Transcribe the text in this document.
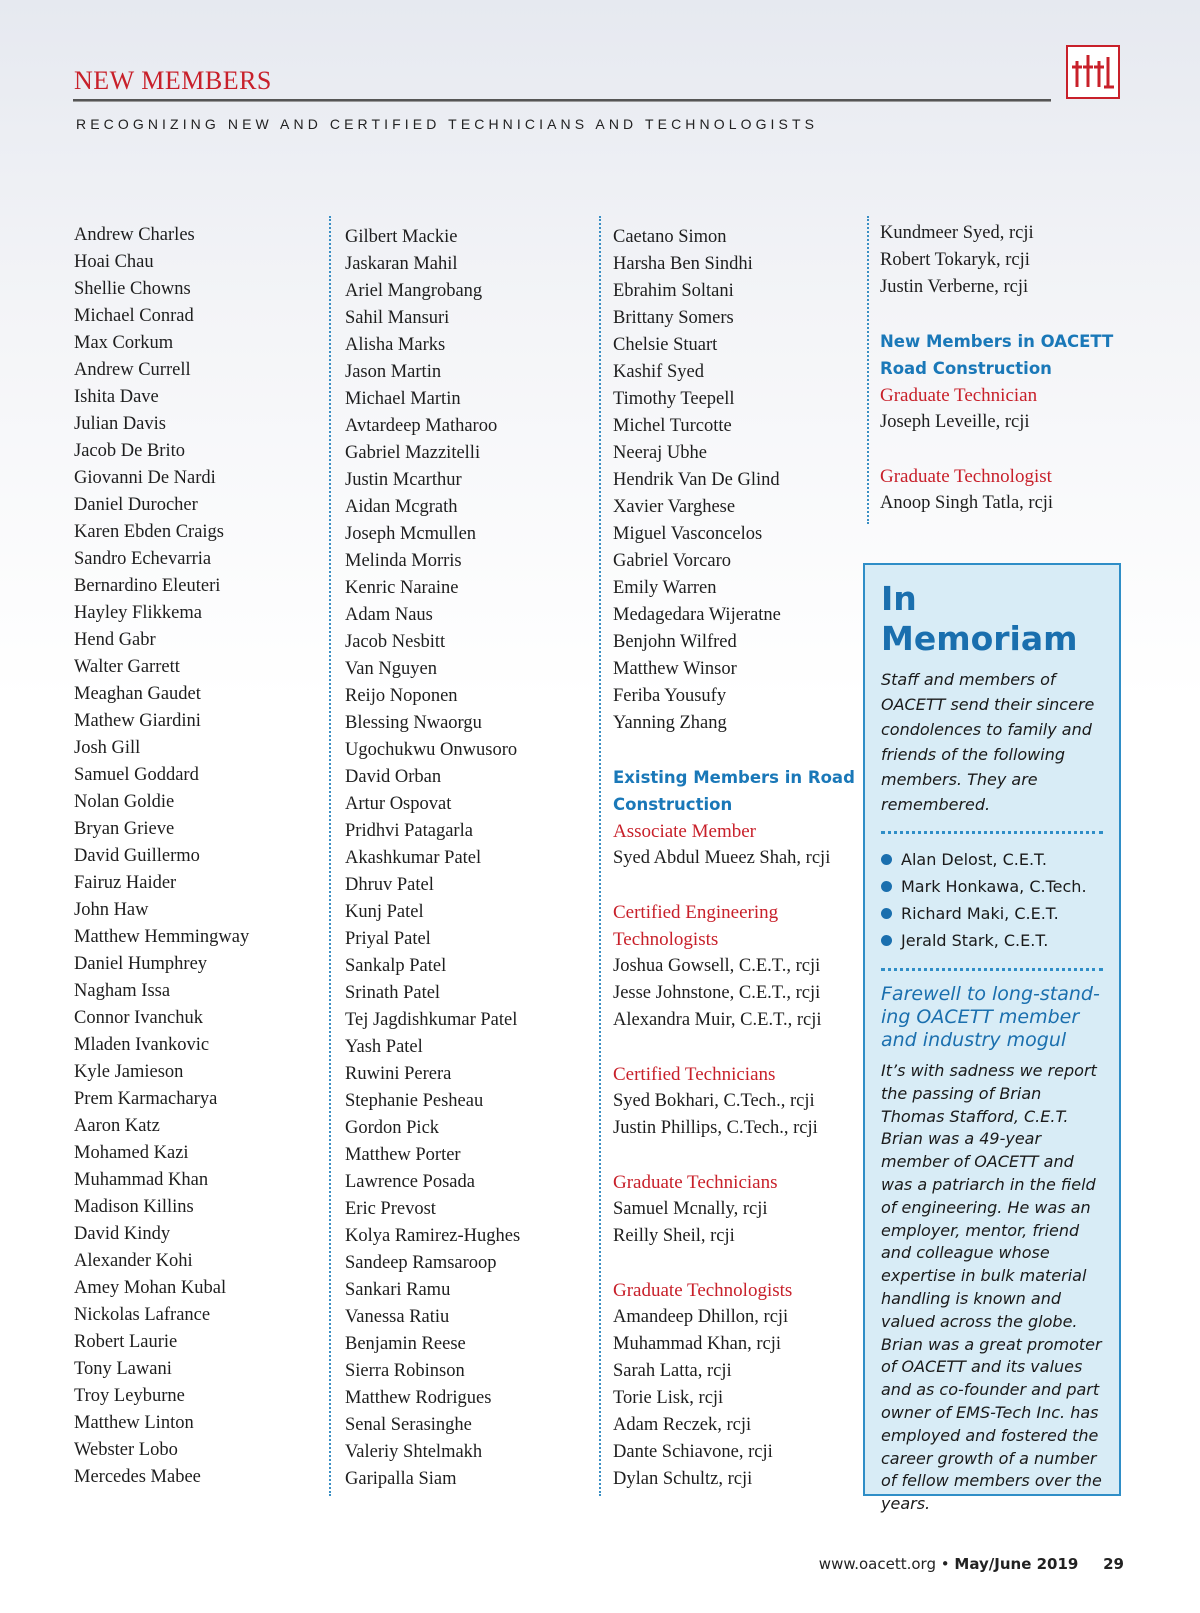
NEW MEMBERS
RECOGNIZING NEW AND CERTIFIED TECHNICIANS AND TECHNOLOGISTS
Andrew Charles
Hoai Chau
Shellie Chowns
Michael Conrad
Max Corkum
Andrew Currell
Ishita Dave
Julian Davis
Jacob De Brito
Giovanni De Nardi
Daniel Durocher
Karen Ebden Craigs
Sandro Echevarria
Bernardino Eleuteri
Hayley Flikkema
Hend Gabr
Walter Garrett
Meaghan Gaudet
Mathew Giardini
Josh Gill
Samuel Goddard
Nolan Goldie
Bryan Grieve
David Guillermo
Fairuz Haider
John Haw
Matthew Hemmingway
Daniel Humphrey
Nagham Issa
Connor Ivanchuk
Mladen Ivankovic
Kyle Jamieson
Prem Karmacharya
Aaron Katz
Mohamed Kazi
Muhammad Khan
Madison Killins
David Kindy
Alexander Kohi
Amey Mohan Kubal
Nickolas Lafrance
Robert Laurie
Tony Lawani
Troy Leyburne
Matthew Linton
Webster Lobo
Mercedes Mabee
Gilbert Mackie
Jaskaran Mahil
Ariel Mangrobang
Sahil Mansuri
Alisha Marks
Jason Martin
Michael Martin
Avtardeep Matharoo
Gabriel Mazzitelli
Justin Mcarthur
Aidan Mcgrath
Joseph Mcmullen
Melinda Morris
Kenric Naraine
Adam Naus
Jacob Nesbitt
Van Nguyen
Reijo Noponen
Blessing Nwaorgu
Ugochukwu Onwusoro
David Orban
Artur Ospovat
Pridhvi Patagarla
Akashkumar Patel
Dhruv Patel
Kunj Patel
Priyal Patel
Sankalp Patel
Srinath Patel
Tej Jagdishkumar Patel
Yash Patel
Ruwini Perera
Stephanie Pesheau
Gordon Pick
Matthew Porter
Lawrence Posada
Eric Prevost
Kolya Ramirez-Hughes
Sandeep Ramsaroop
Sankari Ramu
Vanessa Ratiu
Benjamin Reese
Sierra Robinson
Matthew Rodrigues
Senal Serasinghe
Valeriy Shtelmakh
Garipalla Siam
Caetano Simon
Harsha Ben Sindhi
Ebrahim Soltani
Brittany Somers
Chelsie Stuart
Kashif Syed
Timothy Teepell
Michel Turcotte
Neeraj Ubhe
Hendrik Van De Glind
Xavier Varghese
Miguel Vasconcelos
Gabriel Vorcaro
Emily Warren
Medagedara Wijeratne
Benjohn Wilfred
Matthew Winsor
Feriba Yousufy
Yanning Zhang
Existing Members in Road
Construction
Associate Member
Syed Abdul Mueez Shah, rcji
Certified Engineering
Technologists
Joshua Gowsell, C.E.T., rcji
Jesse Johnstone, C.E.T., rcji
Alexandra Muir, C.E.T., rcji
Certified Technicians
Syed Bokhari, C.Tech., rcji
Justin Phillips, C.Tech., rcji
Graduate Technicians
Samuel Mcnally, rcji
Reilly Sheil, rcji
Graduate Technologists
Amandeep Dhillon, rcji
Muhammad Khan, rcji
Sarah Latta, rcji
Torie Lisk, rcji
Adam Reczek, rcji
Dante Schiavone, rcji
Dylan Schultz, rcji
Kundmeer Syed, rcji
Robert Tokaryk, rcji
Justin Verberne, rcji
New Members in OACETT
Road Construction
Graduate Technician
Joseph Leveille, rcji
Graduate Technologist
Anoop Singh Tatla, rcji
In Memoriam

Staff and members of OACETT send their sincere condolences to family and friends of the following members. They are remembered.

Alan Delost, C.E.T.
Mark Honkawa, C.Tech.
Richard Maki, C.E.T.
Jerald Stark, C.E.T.

Farewell to long-stand-ing OACETT member and industry mogul

It’s with sadness we report the passing of Brian Thomas Stafford, C.E.T. Brian was a 49-year member of OACETT and was a patriarch in the field of engineering. He was an employer, mentor, friend and colleague whose expertise in bulk material handling is known and valued across the globe. Brian was a great promoter of OACETT and its values and as co-founder and part owner of EMS-Tech Inc. has employed and fostered the career growth of a number of fellow members over the years.

www.oacett.org • May/June 2019 29
